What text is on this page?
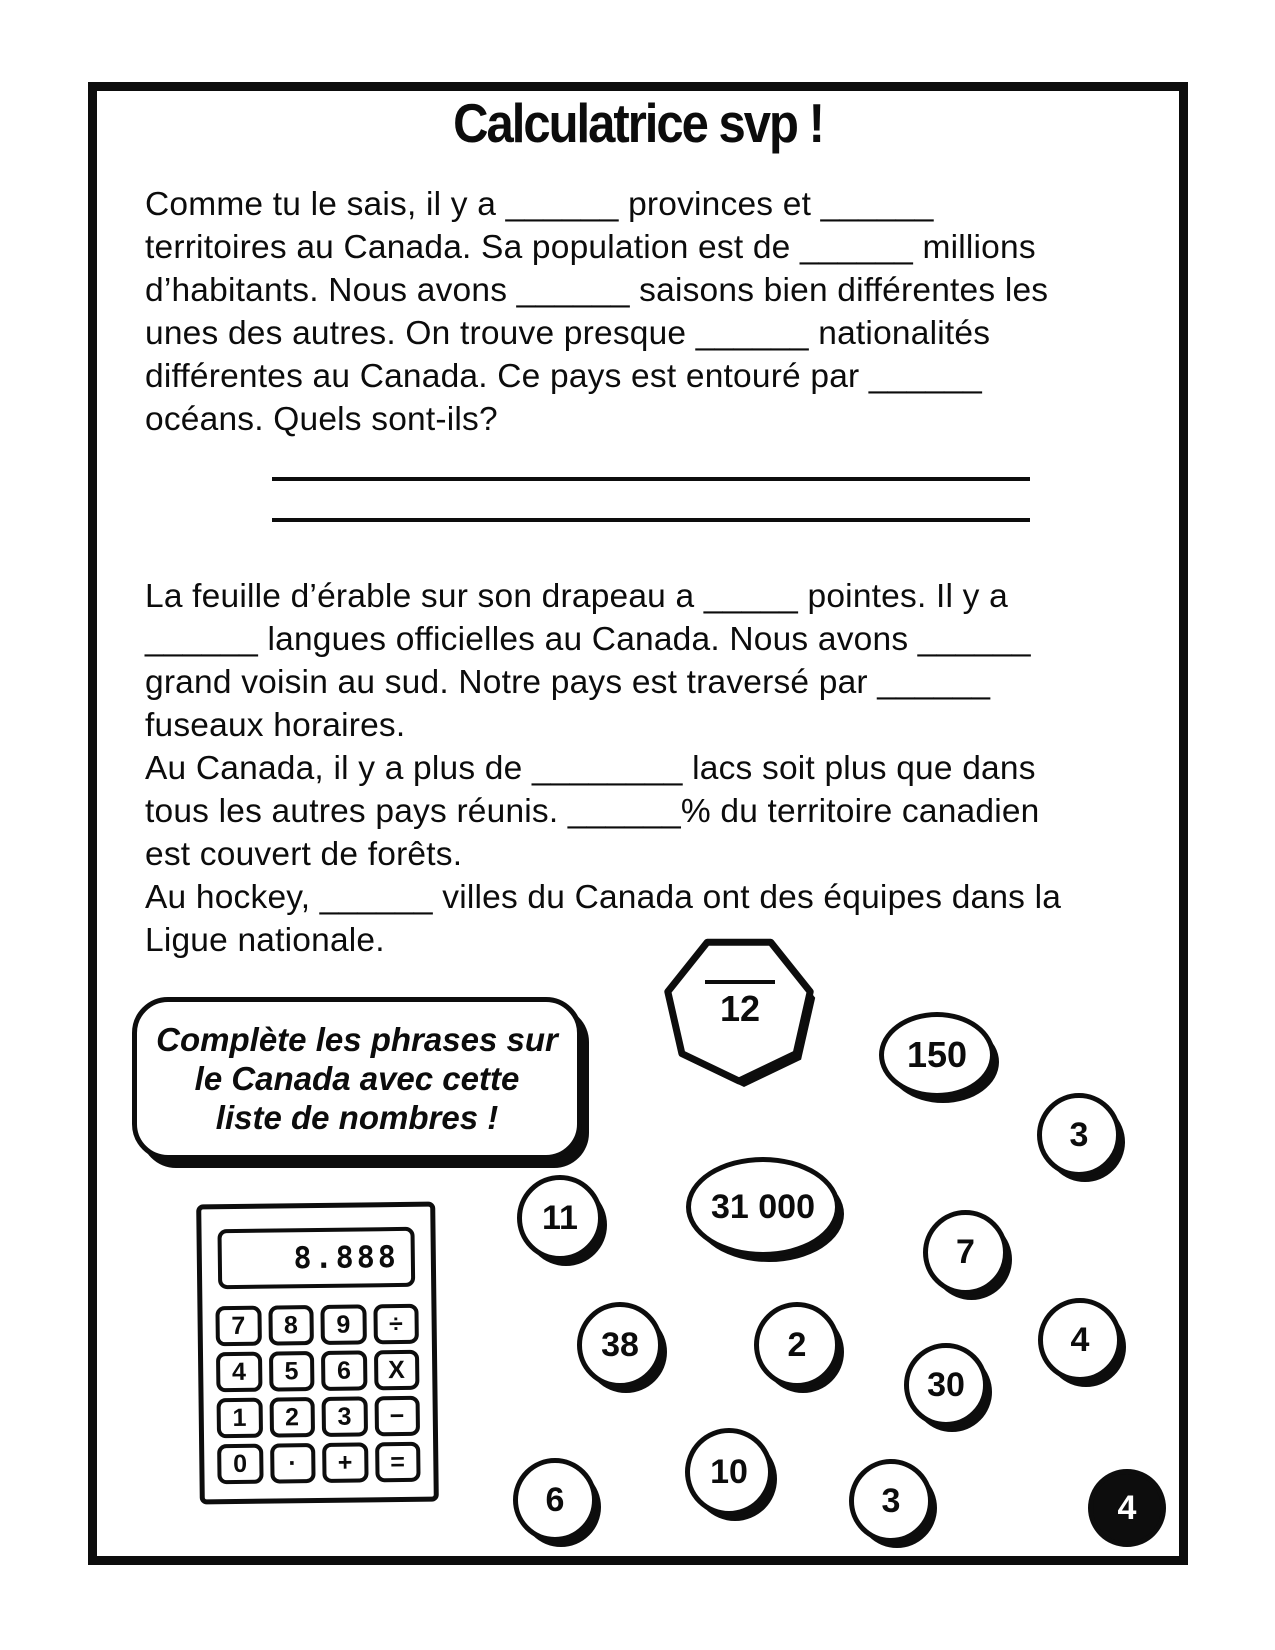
Calculatrice svp !
Comme tu le sais, il y a ______ provinces et ______
territoires au Canada. Sa population est de ______ millions
d’habitants. Nous avons ______ saisons bien différentes les
unes des autres. On trouve presque ______ nationalités
différentes au Canada. Ce pays est entouré par ______
océans. Quels sont-ils?
La feuille d’érable sur son drapeau a _____ pointes. Il y a
______ langues officielles au Canada. Nous avons ______
grand voisin au sud. Notre pays est traversé par ______
fuseaux horaires.
Au Canada, il y a plus de ________ lacs soit plus que dans
tous les autres pays réunis. ______% du territoire canadien
est couvert de forêts.
Au hockey, ______ villes du Canada ont des équipes dans la
Ligue nationale.
Complète les phrases sur
le Canada avec cette
liste de nombres !
8.888
7	8	9	÷
4	5	6	X
1	2	3	−
0	·	+	=
12
150
3
11	31 000
7
38	2
30
4
10
6	3	4
